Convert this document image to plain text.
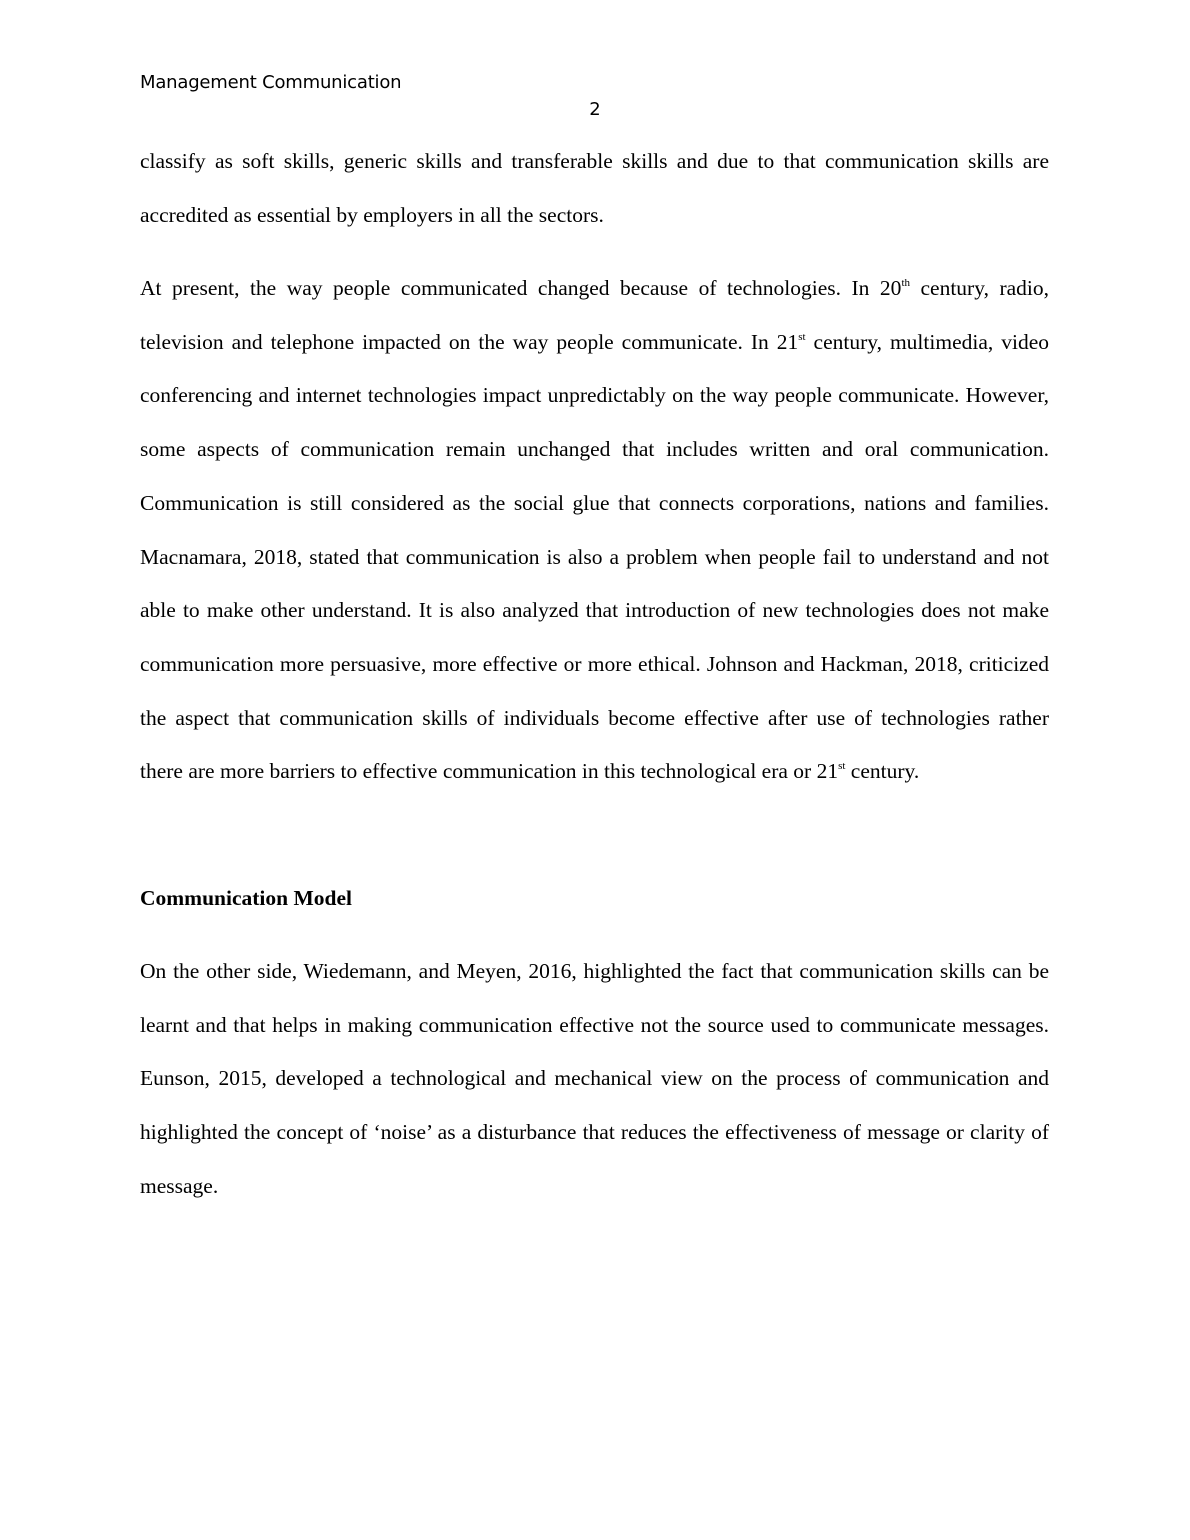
Management Communication
2

classify as soft skills, generic skills and transferable skills and due to that communication skills are accredited as essential by employers in all the sectors.

At present, the way people communicated changed because of technologies. In 20th century, radio, television and telephone impacted on the way people communicate. In 21st century, multimedia, video conferencing and internet technologies impact unpredictably on the way people communicate. However, some aspects of communication remain unchanged that includes written and oral communication. Communication is still considered as the social glue that connects corporations, nations and families. Macnamara, 2018, stated that communication is also a problem when people fail to understand and not able to make other understand. It is also analyzed that introduction of new technologies does not make communication more persuasive, more effective or more ethical. Johnson and Hackman, 2018, criticized the aspect that communication skills of individuals become effective after use of technologies rather there are more barriers to effective communication in this technological era or 21st century.

Communication Model

On the other side, Wiedemann, and Meyen, 2016, highlighted the fact that communication skills can be learnt and that helps in making communication effective not the source used to communicate messages. Eunson, 2015, developed a technological and mechanical view on the process of communication and highlighted the concept of ‘noise’ as a disturbance that reduces the effectiveness of message or clarity of message.
